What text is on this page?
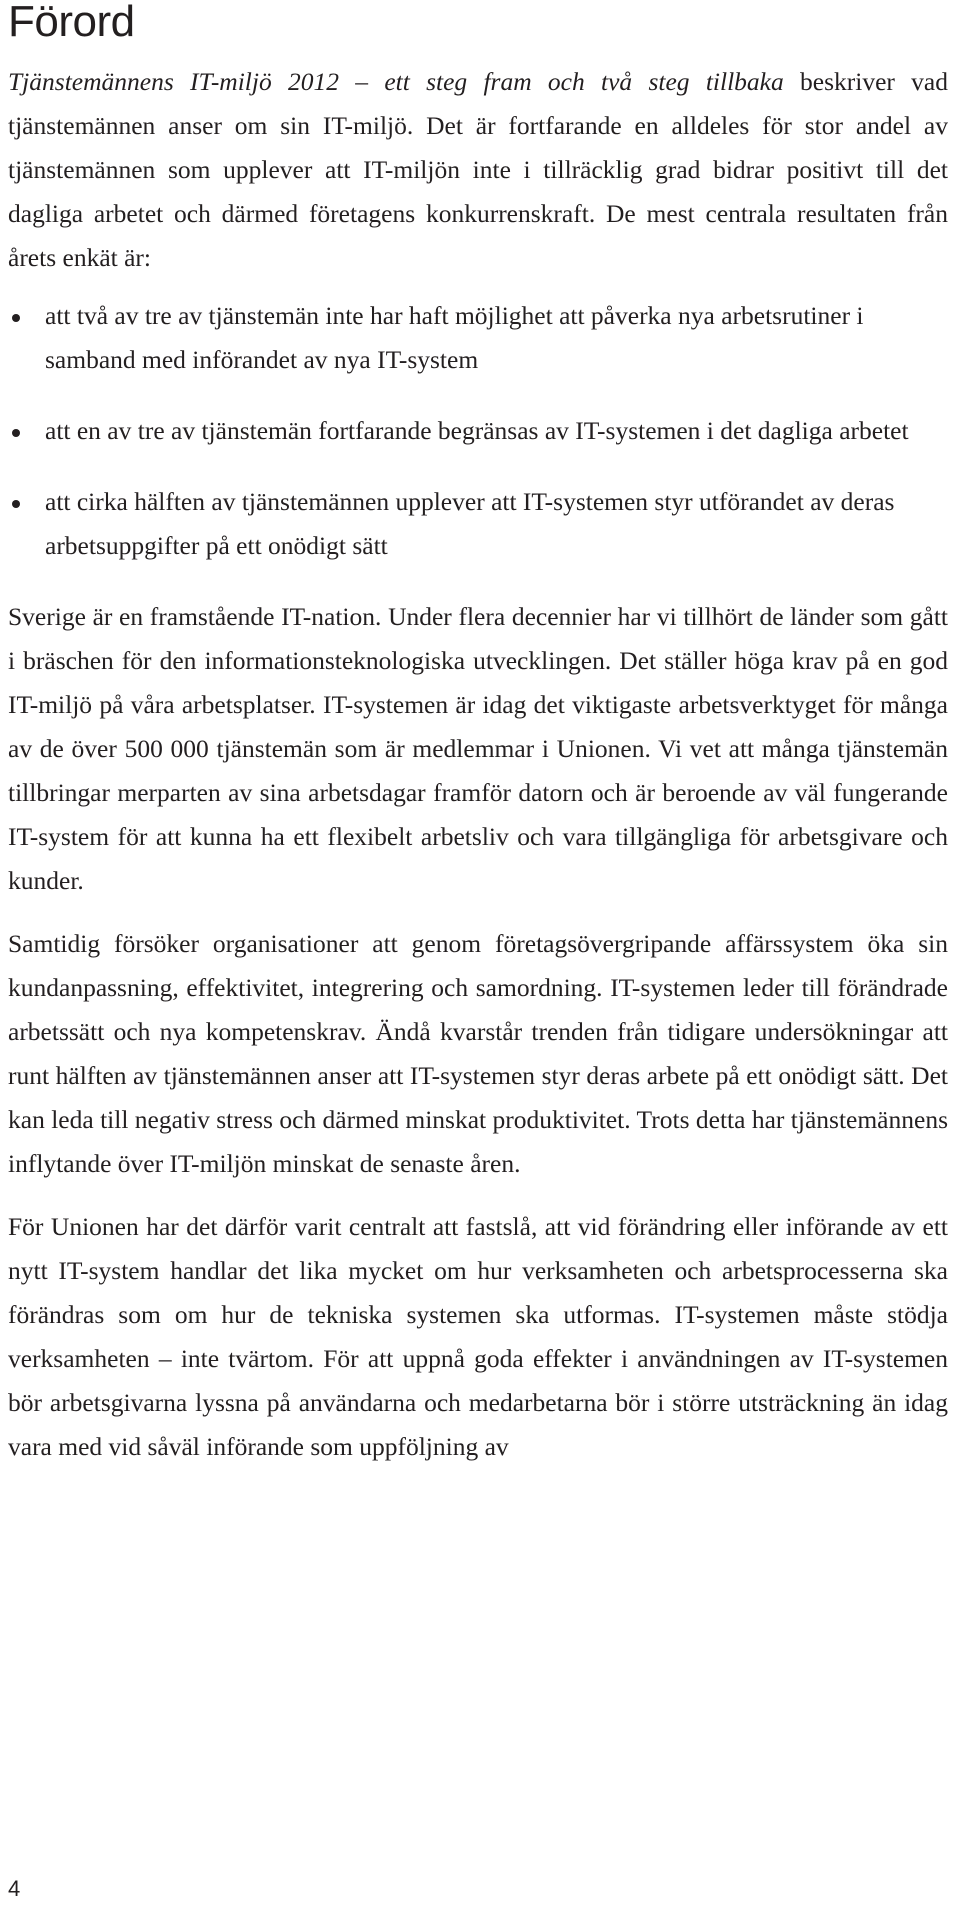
Förord

Tjänstemännens IT-miljö 2012 – ett steg fram och två steg tillbaka beskriver vad tjänstemännen anser om sin IT-miljö. Det är fortfarande en alldeles för stor andel av tjänstemännen som upplever att IT-miljön inte i tillräcklig grad bidrar positivt till det dagliga arbetet och därmed företagens konkurrenskraft. De mest centrala resultaten från årets enkät är:

att två av tre av tjänstemän inte har haft möjlighet att påverka nya arbetsrutiner i samband med införandet av nya IT-system
att en av tre av tjänstemän fortfarande begränsas av IT-systemen i det dagliga arbetet
att cirka hälften av tjänstemännen upplever att IT-systemen styr utförandet av deras arbetsuppgifter på ett onödigt sätt

Sverige är en framstående IT-nation. Under flera decennier har vi tillhört de länder som gått i bräschen för den informationsteknologiska utvecklingen. Det ställer höga krav på en god IT-miljö på våra arbetsplatser. IT-systemen är idag det viktigaste arbetsverktyget för många av de över 500 000 tjänstemän som är medlemmar i Unionen. Vi vet att många tjänstemän tillbringar merparten av sina arbetsdagar framför datorn och är beroende av väl fungerande IT-system för att kunna ha ett flexibelt arbetsliv och vara tillgängliga för arbetsgivare och kunder.

Samtidig försöker organisationer att genom företagsövergripande affärssystem öka sin kundanpassning, effektivitet, integrering och samordning. IT-systemen leder till förändrade arbetssätt och nya kompetenskrav. Ändå kvarstår trenden från tidigare undersökningar att runt hälften av tjänstemännen anser att IT-systemen styr deras arbete på ett onödigt sätt. Det kan leda till negativ stress och därmed minskat produktivitet. Trots detta har tjänstemännens inflytande över IT-miljön minskat de senaste åren.

För Unionen har det därför varit centralt att fastslå, att vid förändring eller införande av ett nytt IT-system handlar det lika mycket om hur verksamheten och arbetsprocesserna ska förändras som om hur de tekniska systemen ska utformas. IT-systemen måste stödja verksamheten – inte tvärtom. För att uppnå goda effekter i användningen av IT-systemen bör arbetsgivarna lyssna på användarna och medarbetarna bör i större utsträckning än idag vara med vid såväl införande som uppföljning av

4
